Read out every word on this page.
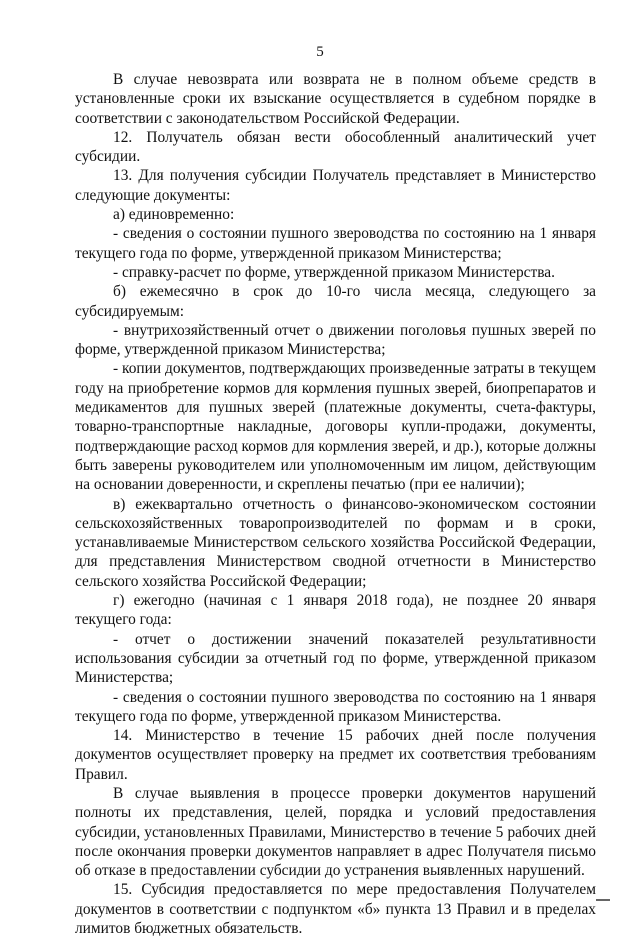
5

В случае невозврата или возврата не в полном объеме средств в установленные сроки их взыскание осуществляется в судебном порядке в соответствии с законодательством Российской Федерации.

12. Получатель обязан вести обособленный аналитический учет субсидии.

13. Для получения субсидии Получатель представляет в Министерство следующие документы:

а) единовременно:

- сведения о состоянии пушного звероводства по состоянию на 1 января текущего года по форме, утвержденной приказом Министерства;

- справку-расчет по форме, утвержденной приказом Министерства.

б) ежемесячно в срок до 10-го числа месяца, следующего за субсидируемым:

- внутрихозяйственный отчет о движении поголовья пушных зверей по форме, утвержденной приказом Министерства;

- копии документов, подтверждающих произведенные затраты в текущем году на приобретение кормов для кормления пушных зверей, биопрепаратов и медикаментов для пушных зверей (платежные документы, счета-фактуры, товарно-транспортные накладные, договоры купли-продажи, документы, подтверждающие расход кормов для кормления зверей, и др.), которые должны быть заверены руководителем или уполномоченным им лицом, действующим на основании доверенности, и скреплены печатью (при ее наличии);

в) ежеквартально отчетность о финансово-экономическом состоянии сельскохозяйственных товаропроизводителей по формам и в сроки, устанавливаемые Министерством сельского хозяйства Российской Федерации, для представления Министерством сводной отчетности в Министерство сельского хозяйства Российской Федерации;

г) ежегодно (начиная с 1 января 2018 года), не позднее 20 января текущего года:

- отчет о достижении значений показателей результативности использования субсидии за отчетный год по форме, утвержденной приказом Министерства;

- сведения о состоянии пушного звероводства по состоянию на 1 января текущего года по форме, утвержденной приказом Министерства.

14. Министерство в течение 15 рабочих дней после получения документов осуществляет проверку на предмет их соответствия требованиям Правил.

В случае выявления в процессе проверки документов нарушений полноты их представления, целей, порядка и условий предоставления субсидии, установленных Правилами, Министерство в течение 5 рабочих дней после окончания проверки документов направляет в адрес Получателя письмо об отказе в предоставлении субсидии до устранения выявленных нарушений.

15. Субсидия предоставляется по мере предоставления Получателем документов в соответствии с подпунктом «б» пункта 13 Правил и в пределах лимитов бюджетных обязательств.
